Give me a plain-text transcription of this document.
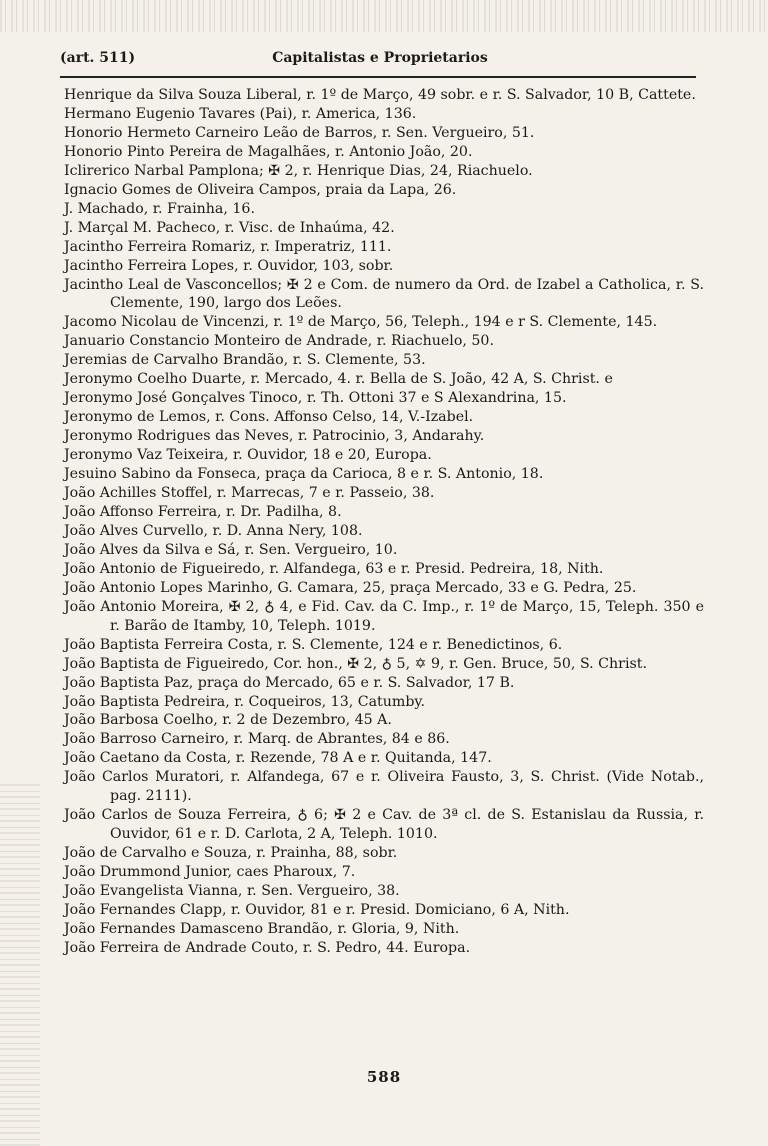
(art. 511)	Capitalistas e Proprietarios
Henrique da Silva Souza Liberal, r. 1º de Março, 49 sobr. e r. S. Salvador, 10 B, Cattete.
Hermano Eugenio Tavares (Pai), r. America, 136.
Honorio Hermeto Carneiro Leão de Barros, r. Sen. Vergueiro, 51.
Honorio Pinto Pereira de Magalhães, r. Antonio João, 20.
Iclirerico Narbal Pamplona; ✠ 2, r. Henrique Dias, 24, Riachuelo.
Ignacio Gomes de Oliveira Campos, praia da Lapa, 26.
J. Machado, r. Frainha, 16.
J. Marçal M. Pacheco, r. Visc. de Inhaúma, 42.
Jacintho Ferreira Romariz, r. Imperatriz, 111.
Jacintho Ferreira Lopes, r. Ouvidor, 103, sobr.
Jacintho Leal de Vasconcellos; ✠ 2 e Com. de numero da Ord. de Izabel a Catholica, r. S. Clemente, 190, largo dos Leões.
Jacomo Nicolau de Vincenzi, r. 1º de Março, 56, Teleph., 194 e r S. Clemente, 145.
Januario Constancio Monteiro de Andrade, r. Riachuelo, 50.
Jeremias de Carvalho Brandão, r. S. Clemente, 53.
Jeronymo Coelho Duarte, r. Mercado, 4. r. Bella de S. João, 42 A, S. Christ. e
Jeronymo José Gonçalves Tinoco, r. Th. Ottoni 37 e S Alexandrina, 15.
Jeronymo de Lemos, r. Cons. Affonso Celso, 14, V.-Izabel.
Jeronymo Rodrigues das Neves, r. Patrocinio, 3, Andarahy.
Jeronymo Vaz Teixeira, r. Ouvidor, 18 e 20, Europa.
Jesuino Sabino da Fonseca, praça da Carioca, 8 e r. S. Antonio, 18.
João Achilles Stoffel, r. Marrecas, 7 e r. Passeio, 38.
João Affonso Ferreira, r. Dr. Padilha, 8.
João Alves Curvello, r. D. Anna Nery, 108.
João Alves da Silva e Sá, r. Sen. Vergueiro, 10.
João Antonio de Figueiredo, r. Alfandega, 63 e r. Presid. Pedreira, 18, Nith.
João Antonio Lopes Marinho, G. Camara, 25, praça Mercado, 33 e G. Pedra, 25.
João Antonio Moreira, ✠ 2, ♁ 4, e Fid. Cav. da C. Imp., r. 1º de Março, 15, Teleph. 350 e r. Barão de Itamby, 10, Teleph. 1019.
João Baptista Ferreira Costa, r. S. Clemente, 124 e r. Benedictinos, 6.
João Baptista de Figueiredo, Cor. hon., ✠ 2, ♁ 5, ✡ 9, r. Gen. Bruce, 50, S. Christ.
João Baptista Paz, praça do Mercado, 65 e r. S. Salvador, 17 B.
João Baptista Pedreira, r. Coqueiros, 13, Catumby.
João Barbosa Coelho, r. 2 de Dezembro, 45 A.
João Barroso Carneiro, r. Marq. de Abrantes, 84 e 86.
João Caetano da Costa, r. Rezende, 78 A e r. Quitanda, 147.
João Carlos Muratori, r. Alfandega, 67 e r. Oliveira Fausto, 3, S. Christ. (Vide Notab., pag. 2111).
João Carlos de Souza Ferreira, ♁ 6; ✠ 2 e Cav. de 3ª cl. de S. Estanislau da Russia, r. Ouvidor, 61 e r. D. Carlota, 2 A, Teleph. 1010.
João de Carvalho e Souza, r. Prainha, 88, sobr.
João Drummond Junior, caes Pharoux, 7.
João Evangelista Vianna, r. Sen. Vergueiro, 38.
João Fernandes Clapp, r. Ouvidor, 81 e r. Presid. Domiciano, 6 A, Nith.
João Fernandes Damasceno Brandão, r. Gloria, 9, Nith.
João Ferreira de Andrade Couto, r. S. Pedro, 44. Europa.
588
